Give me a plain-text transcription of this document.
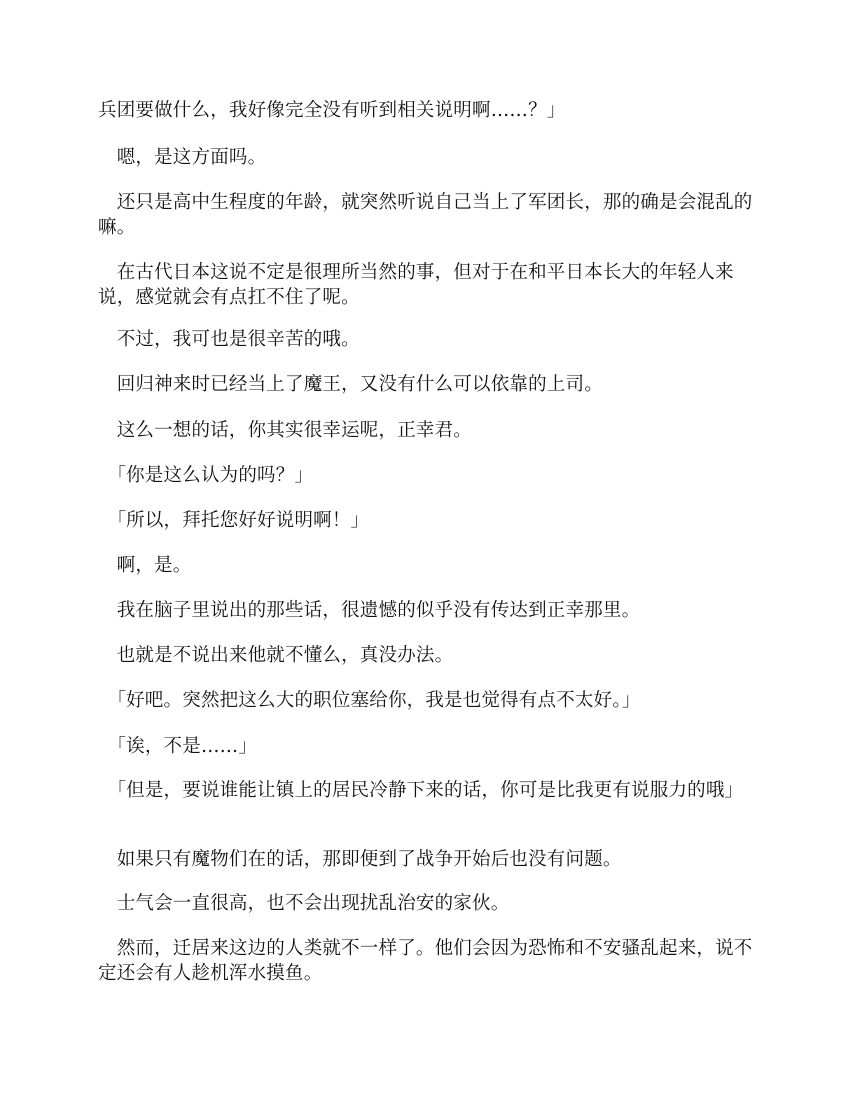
兵团要做什么，我好像完全没有听到相关说明啊……？」

　嗯，是这方面吗。

　还只是高中生程度的年龄，就突然听说自己当上了军团长，那的确是会混乱的嘛。

　在古代日本这说不定是很理所当然的事，但对于在和平日本长大的年轻人来说，感觉就会有点扛不住了呢。

　不过，我可也是很辛苦的哦。

　回归神来时已经当上了魔王，又没有什么可以依靠的上司。

　这么一想的话，你其实很幸运呢，正幸君。

　「你是这么认为的吗？」

　「所以，拜托您好好说明啊！」

　啊，是。

　我在脑子里说出的那些话，很遗憾的似乎没有传达到正幸那里。

　也就是不说出来他就不懂么，真没办法。

　「好吧。突然把这么大的职位塞给你，我是也觉得有点不太好。」

　「诶，不是……」

　「但是，要说谁能让镇上的居民冷静下来的话，你可是比我更有说服力的哦」

　如果只有魔物们在的话，那即便到了战争开始后也没有问题。

　士气会一直很高，也不会出现扰乱治安的家伙。

　然而，迁居来这边的人类就不一样了。他们会因为恐怖和不安骚乱起来，说不定还会有人趁机浑水摸鱼。
